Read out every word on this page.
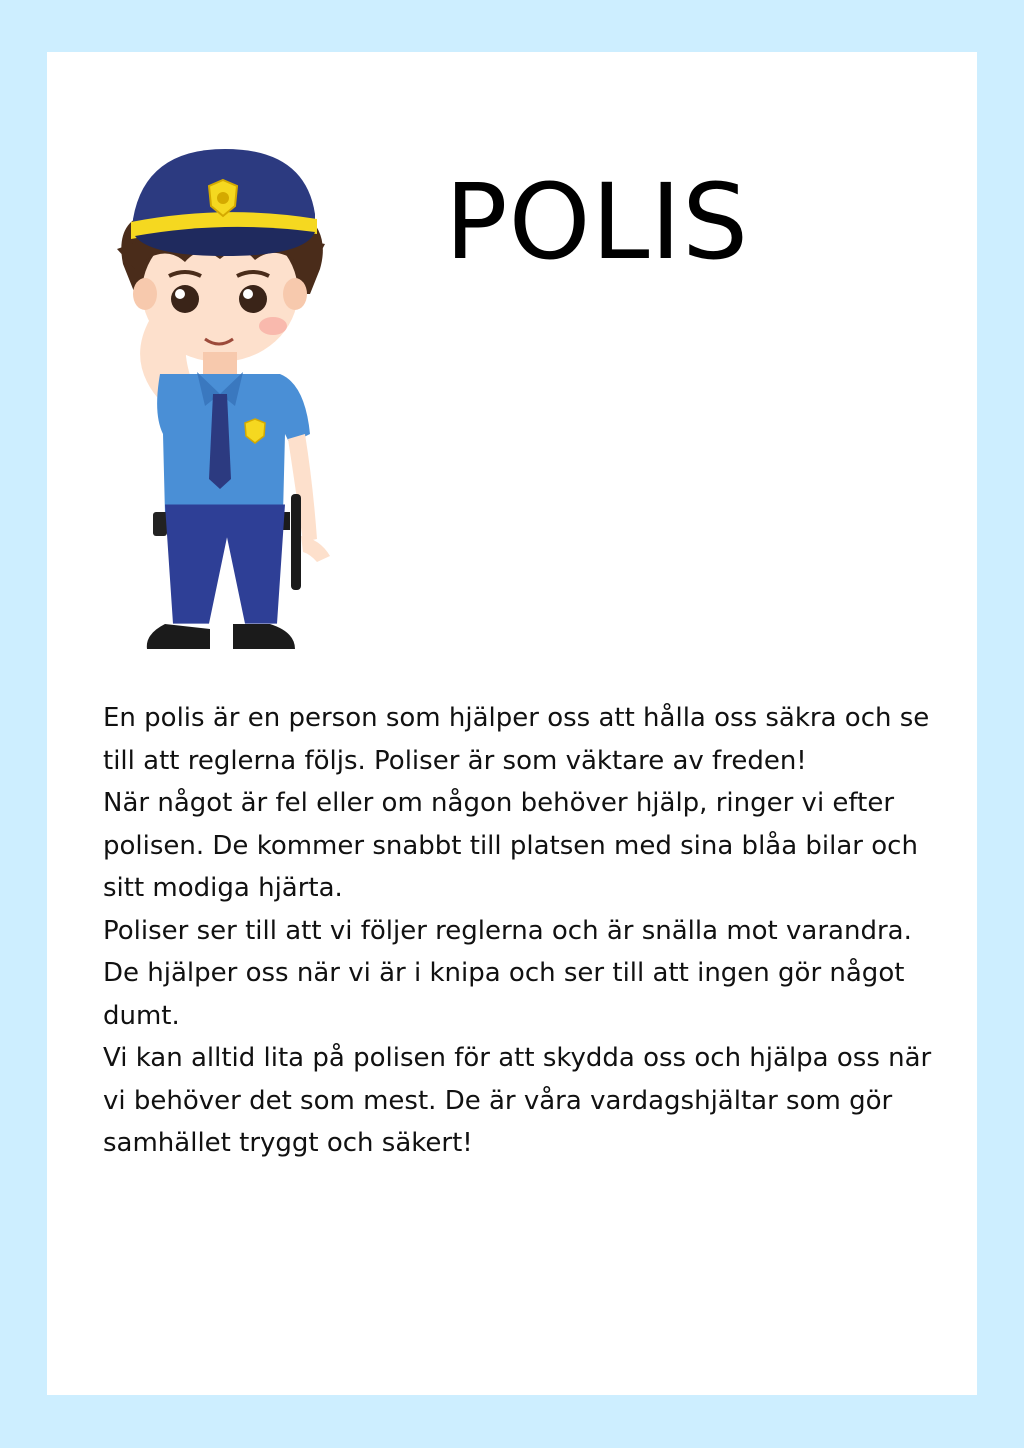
POLIS

En polis är en person som hjälper oss att hålla oss säkra och se till att reglerna följs. Poliser är som väktare av freden!

När något är fel eller om någon behöver hjälp, ringer vi efter polisen. De kommer snabbt till platsen med sina blåa bilar och sitt modiga hjärta.

Poliser ser till att vi följer reglerna och är snälla mot varandra. De hjälper oss när vi är i knipa och ser till att ingen gör något dumt.

Vi kan alltid lita på polisen för att skydda oss och hjälpa oss när vi behöver det som mest. De är våra vardagshjältar som gör samhället tryggt och säkert!
